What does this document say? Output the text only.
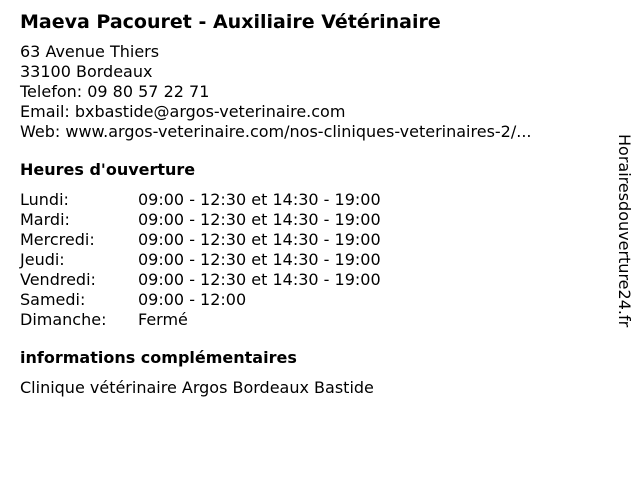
Maeva Pacouret - Auxiliaire Vétérinaire
63 Avenue Thiers
33100 Bordeaux
Telefon: 09 80 57 22 71
Email: bxbastide@argos-veterinaire.com
Web: www.argos-veterinaire.com/nos-cliniques-veterinaires-2/...
Heures d'ouverture
Lundi:	09:00 - 12:30 et 14:30 - 19:00
Mardi:	09:00 - 12:30 et 14:30 - 19:00
Mercredi:	09:00 - 12:30 et 14:30 - 19:00
Jeudi:	09:00 - 12:30 et 14:30 - 19:00
Vendredi:	09:00 - 12:30 et 14:30 - 19:00
Samedi:	09:00 - 12:00
Dimanche:	Fermé
informations complémentaires
Clinique vétérinaire Argos Bordeaux Bastide
Horairesdouverture24.fr
